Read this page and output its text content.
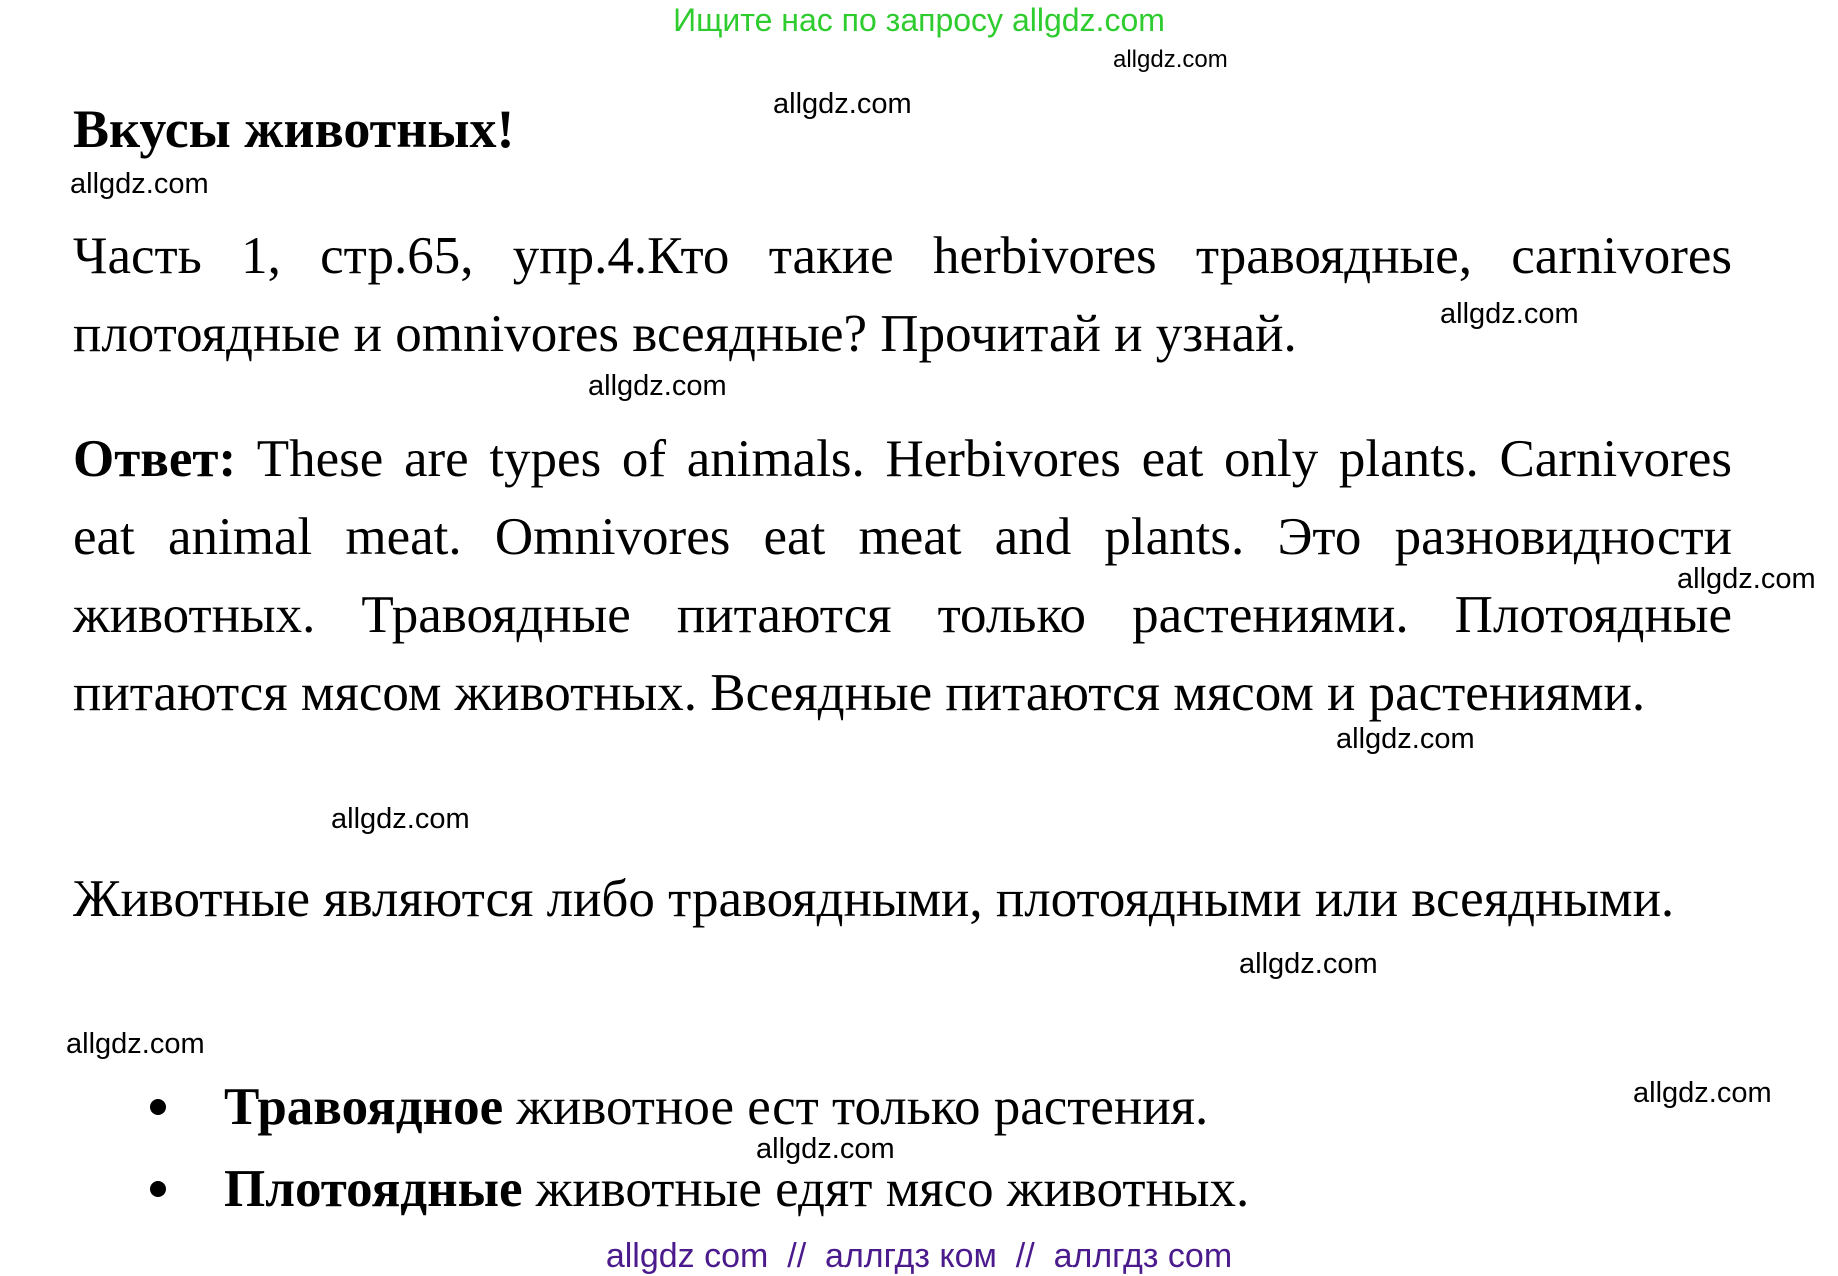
Ищите нас по запросу allgdz.com
Вкусы животных!
Часть 1, стр.65, упр.4.Кто такие herbivores травоядные, carnivores плотоядные и omnivores всеядные? Прочитай и узнай.
Ответ: These are types of animals. Herbivores eat only plants. Carnivores eat animal meat. Omnivores eat meat and plants. Это разновидности животных. Травоядные питаются только растениями. Плотоядные питаются мясом животных. Всеядные питаются мясом и растениями.
Животные являются либо травоядными, плотоядными или всеядными.
Травоядное животное ест только растения.
Плотоядные животные едят мясо животных.
allgdz.com
allgdz.com
allgdz.com
allgdz.com
allgdz.com
allgdz.com
allgdz.com
allgdz.com
allgdz.com
allgdz.com
allgdz.com
allgdz.com
allgdz com  //  аллгдз ком  //  аллгдз com
